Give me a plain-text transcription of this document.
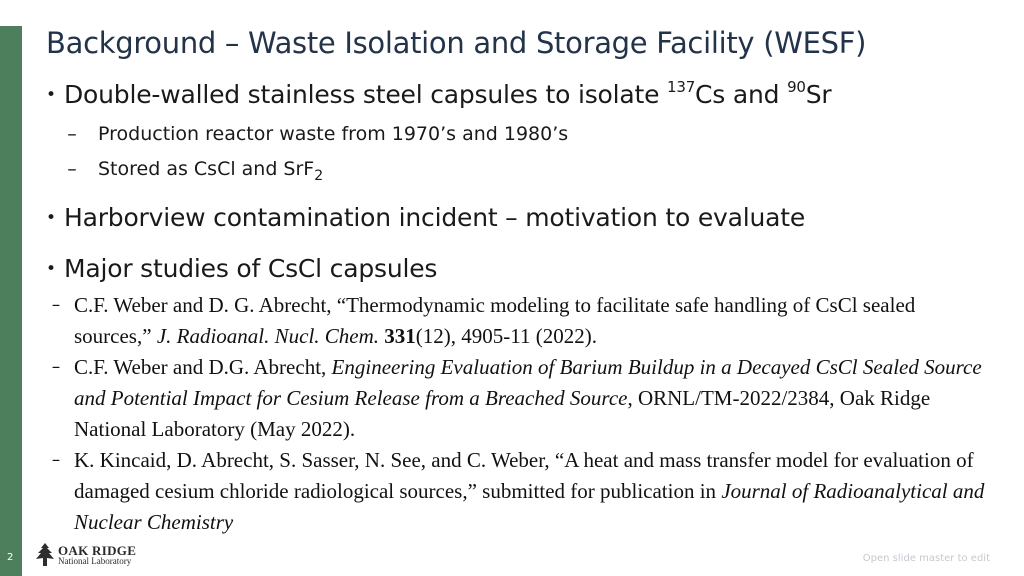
Background – Waste Isolation and Storage Facility (WESF)
• Double-walled stainless steel capsules to isolate $^{137}$Cs and $^{90}$Sr
– Production reactor waste from 1970’s and 1980’s
– Stored as CsCl and SrF$_2$
• Harborview contamination incident – motivation to evaluate
• Major studies of CsCl capsules
– C.F. Weber and D. G. Abrecht, “Thermodynamic modeling to facilitate safe handling of CsCl sealed sources,” J. Radioanal. Nucl. Chem. 331(12), 4905-11 (2022).
– C.F. Weber and D.G. Abrecht, Engineering Evaluation of Barium Buildup in a Decayed CsCl Sealed Source and Potential Impact for Cesium Release from a Breached Source, ORNL/TM-2022/2384, Oak Ridge National Laboratory (May 2022).
– K. Kincaid, D. Abrecht, S. Sasser, N. See, and C. Weber, “A heat and mass transfer model for evaluation of damaged cesium chloride radiological sources,” submitted for publication in Journal of Radioanalytical and Nuclear Chemistry
2	OAK RIDGE
National Laboratory	Open slide master to edit
